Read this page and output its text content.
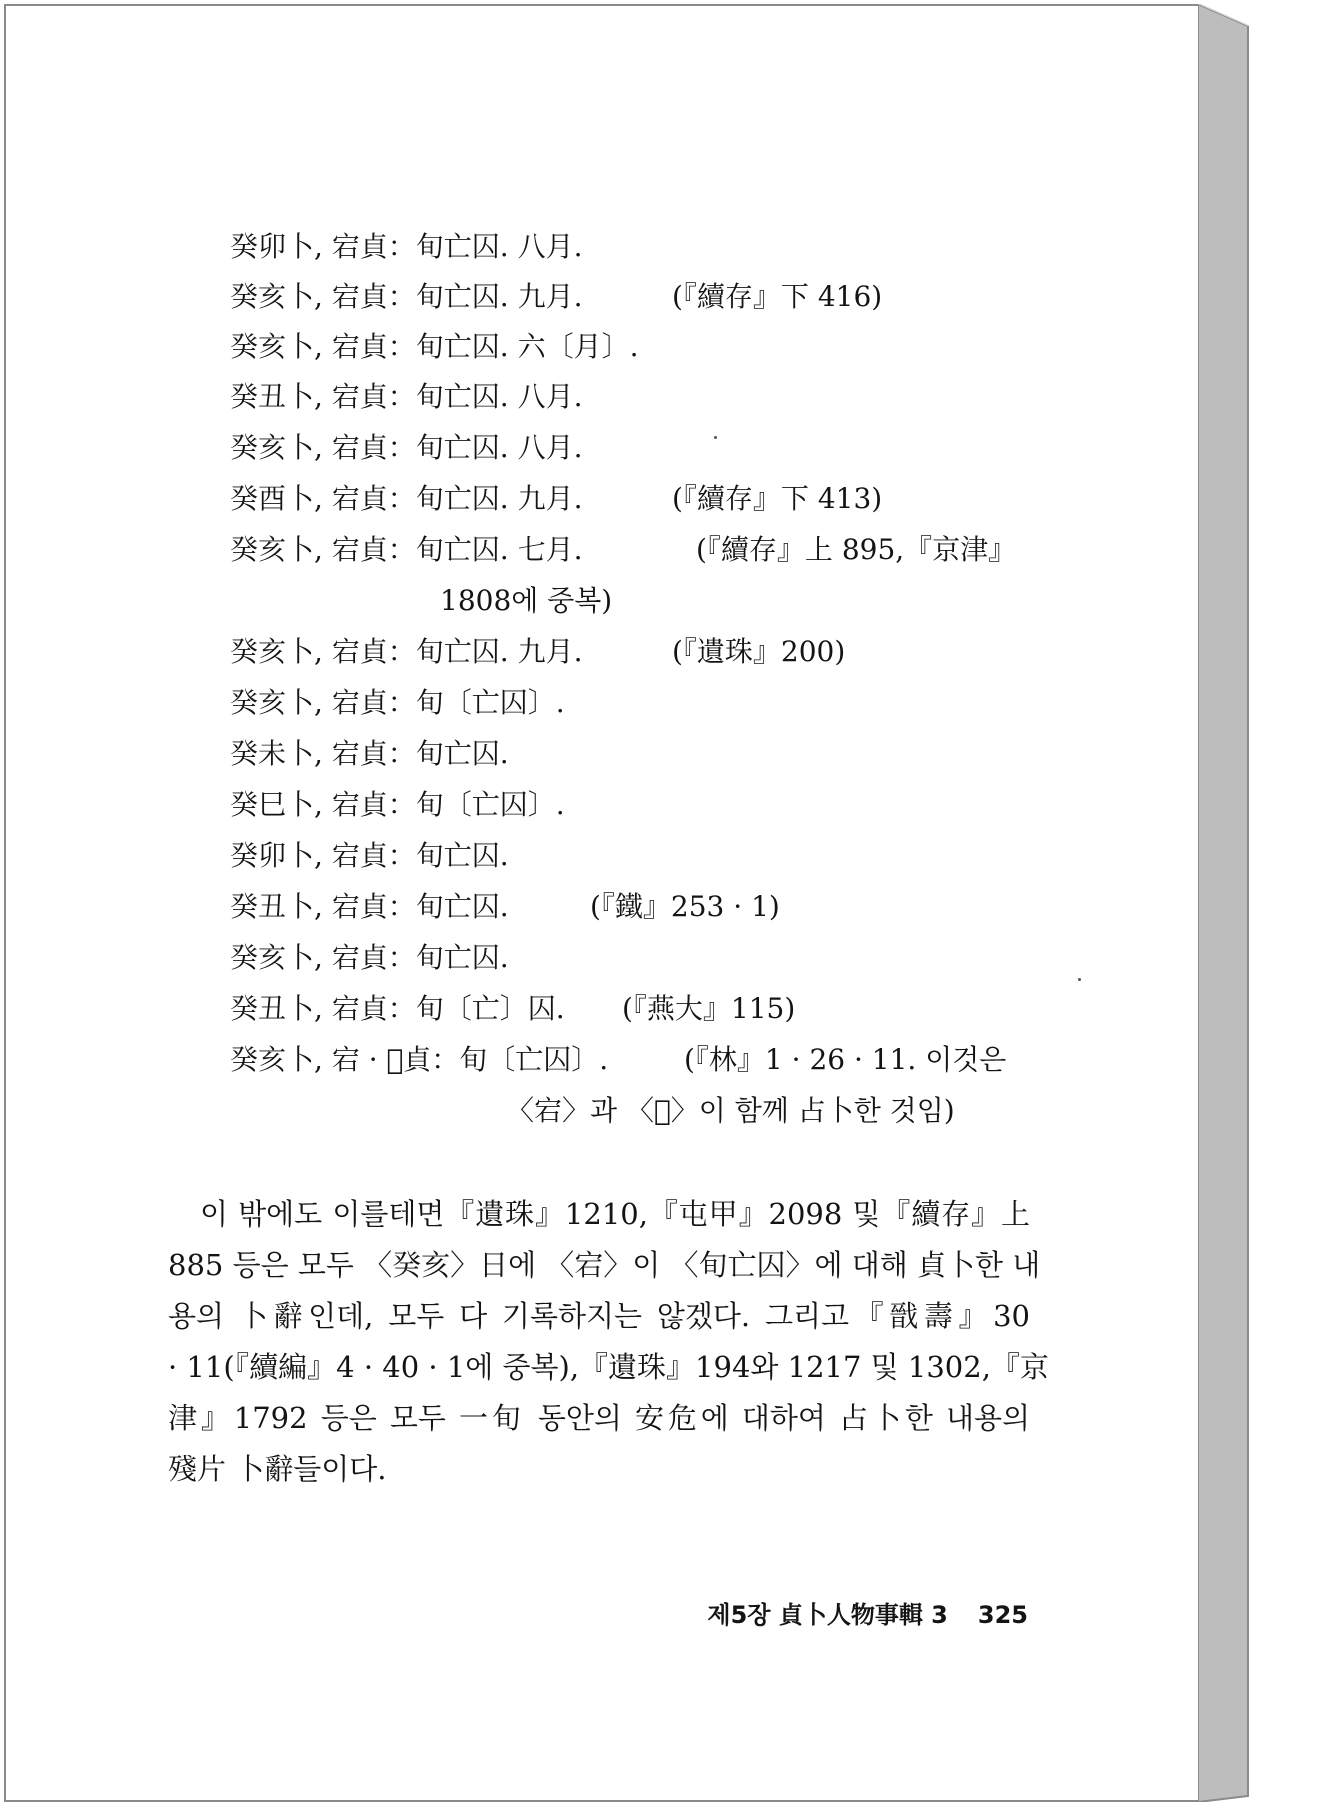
癸卯卜, 宕貞：旬亡囚. 八月.
癸亥卜, 宕貞：旬亡囚. 九月.	(『續存』下 416)
癸亥卜, 宕貞：旬亡囚. 六〔月〕.
癸丑卜, 宕貞：旬亡囚. 八月.
癸亥卜, 宕貞：旬亡囚. 八月.
癸酉卜, 宕貞：旬亡囚. 九月.	(『續存』下 413)
癸亥卜, 宕貞：旬亡囚. 七月.	(『續存』上 895,『京津』
1808에 중복)
癸亥卜, 宕貞：旬亡囚. 九月.	(『遺珠』200)
癸亥卜, 宕貞：旬〔亡囚〕.
癸未卜, 宕貞：旬亡囚.
癸巳卜, 宕貞：旬〔亡囚〕.
癸卯卜, 宕貞：旬亡囚.
癸丑卜, 宕貞：旬亡囚.	(『鐵』253 · 1)
癸亥卜, 宕貞：旬亡囚.
癸丑卜, 宕貞：旬〔亡〕囚. (『燕大』115)
癸亥卜, 宕 · 𦎫貞：旬〔亡囚〕.	(『林』1 · 26 · 11. 이것은
〈宕〉과 〈𦎫〉이 함께 占卜한 것임)
이 밖에도 이를테면『遺珠』1210,『屯甲』2098 및『續存』上
885 등은 모두 〈癸亥〉日에 〈宕〉이 〈旬亡囚〉에 대해 貞卜한 내
용의 卜辭인데, 모두 다 기록하지는 않겠다. 그리고『戩壽』30
· 11(『續編』4 · 40 · 1에 중복),『遺珠』194와 1217 및 1302,『京
津』1792 등은 모두 一旬 동안의 安危에 대하여 占卜한 내용의
殘片 卜辭들이다.
제5장 貞卜人物事輯 3 325
